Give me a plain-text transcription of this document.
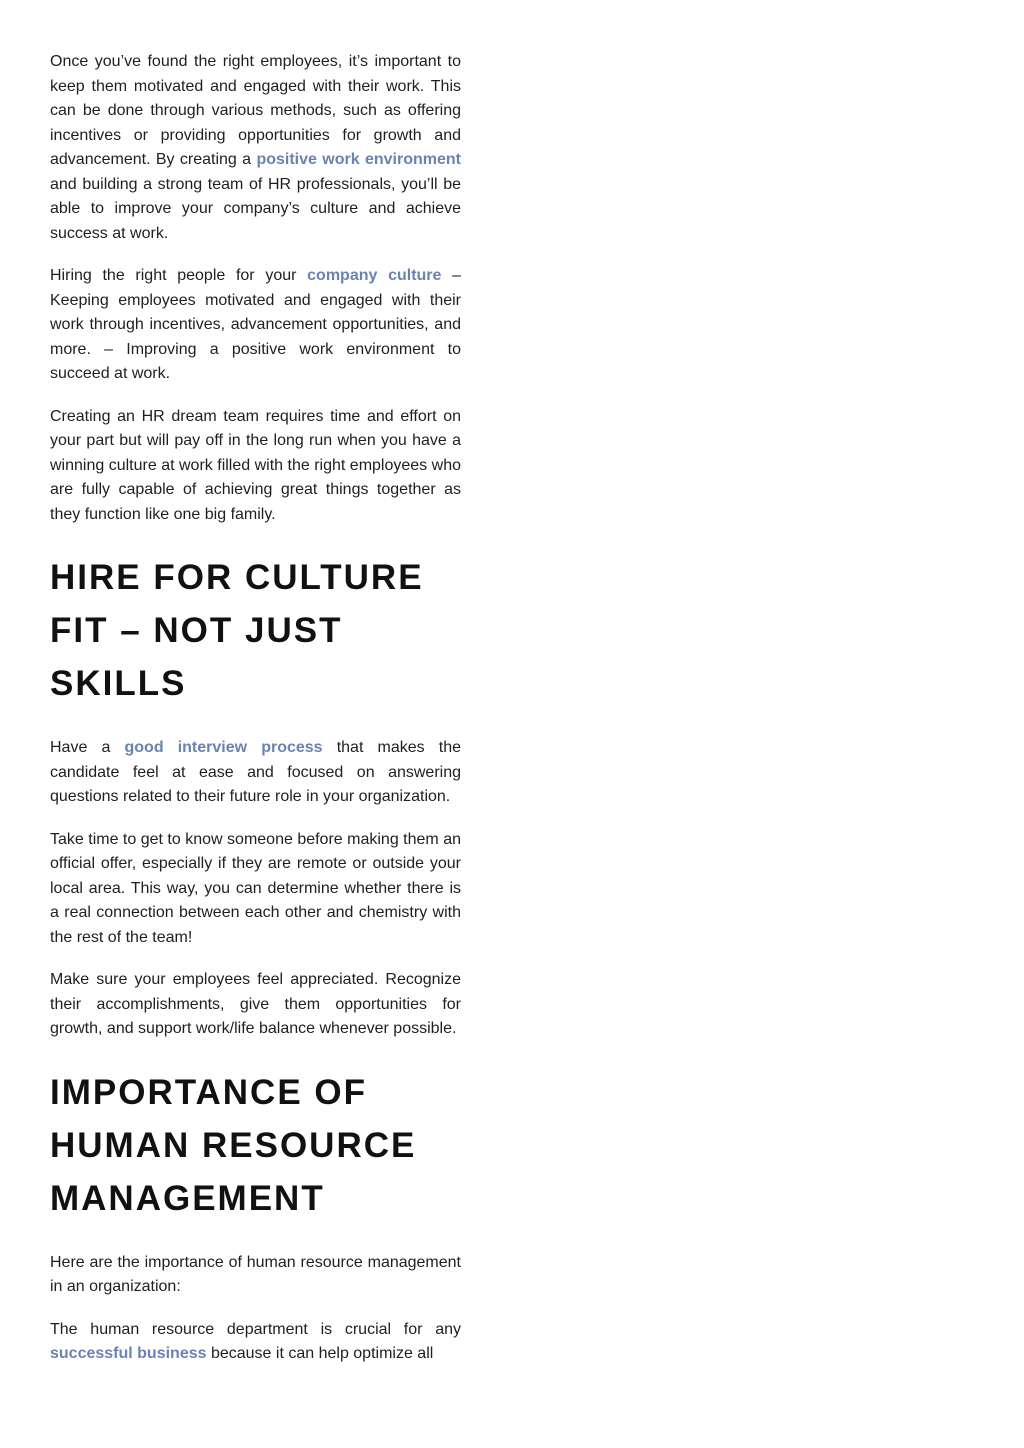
Once you’ve found the right employees, it’s important to keep them motivated and engaged with their work. This can be done through various methods, such as offering incentives or providing opportunities for growth and advancement. By creating a positive work environment and building a strong team of HR professionals, you’ll be able to improve your company’s culture and achieve success at work.

Hiring the right people for your company culture – Keeping employees motivated and engaged with their work through incentives, advancement opportunities, and more. – Improving a positive work environment to succeed at work.

Creating an HR dream team requires time and effort on your part but will pay off in the long run when you have a winning culture at work filled with the right employees who are fully capable of achieving great things together as they function like one big family.

HIRE FOR CULTURE FIT – NOT JUST SKILLS

Have a good interview process that makes the candidate feel at ease and focused on answering questions related to their future role in your organization.

Take time to get to know someone before making them an official offer, especially if they are remote or outside your local area. This way, you can determine whether there is a real connection between each other and chemistry with the rest of the team!

Make sure your employees feel appreciated. Recognize their accomplishments, give them opportunities for growth, and support work/life balance whenever possible.

IMPORTANCE OF HUMAN RESOURCE MANAGEMENT

Here are the importance of human resource management in an organization:

The human resource department is crucial for any successful business because it can help optimize all
